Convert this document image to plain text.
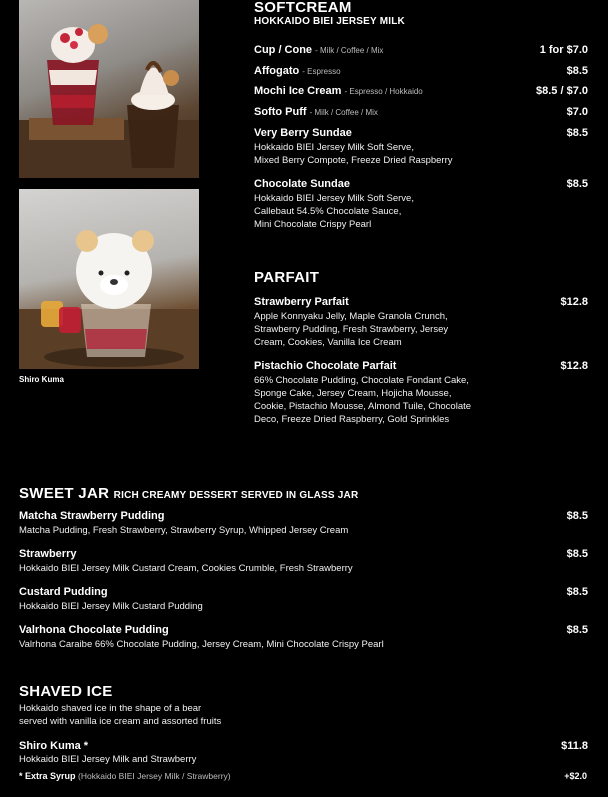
Shiro Kuma
SOFTCREAM
HOKKAIDO BIEI JERSEY MILK
Cup / Cone - Milk / Coffee / Mix	1 for $7.0
Affogato - Espresso	$8.5
Mochi Ice Cream - Espresso / Hokkaido	$8.5 / $7.0
Softo Puff - Milk / Coffee / Mix	$7.0
Very Berry Sundae	$8.5
Hokkaido BIEI Jersey Milk Soft Serve,
Mixed Berry Compote, Freeze Dried Raspberry
Chocolate Sundae	$8.5
Hokkaido BIEI Jersey Milk Soft Serve,
Callebaut 54.5% Chocolate Sauce,
Mini Chocolate Crispy Pearl
PARFAIT
Strawberry Parfait	$12.8
Apple Konnyaku Jelly, Maple Granola Crunch,
Strawberry Pudding, Fresh Strawberry, Jersey
Cream, Cookies, Vanilla Ice Cream
Pistachio Chocolate Parfait	$12.8
66% Chocolate Pudding, Chocolate Fondant Cake,
Sponge Cake, Jersey Cream, Hojicha Mousse,
Cookie, Pistachio Mousse, Almond Tuile, Chocolate
Deco, Freeze Dried Raspberry, Gold Sprinkles
SWEET JAR RICH CREAMY DESSERT SERVED IN GLASS JAR
Matcha Strawberry Pudding	$8.5
Matcha Pudding, Fresh Strawberry, Strawberry Syrup, Whipped Jersey Cream
Strawberry	$8.5
Hokkaido BIEI Jersey Milk Custard Cream, Cookies Crumble, Fresh Strawberry
Custard Pudding	$8.5
Hokkaido BIEI Jersey Milk Custard Pudding
Valrhona Chocolate Pudding	$8.5
Valrhona Caraibe 66% Chocolate Pudding, Jersey Cream, Mini Chocolate Crispy Pearl
SHAVED ICE
Hokkaido shaved ice in the shape of a bear
served with vanilla ice cream and assorted fruits
Shiro Kuma *	$11.8
Hokkaido BIEI Jersey Milk and Strawberry
* Extra Syrup (Hokkaido BIEI Jersey Milk / Strawberry)	+$2.0
